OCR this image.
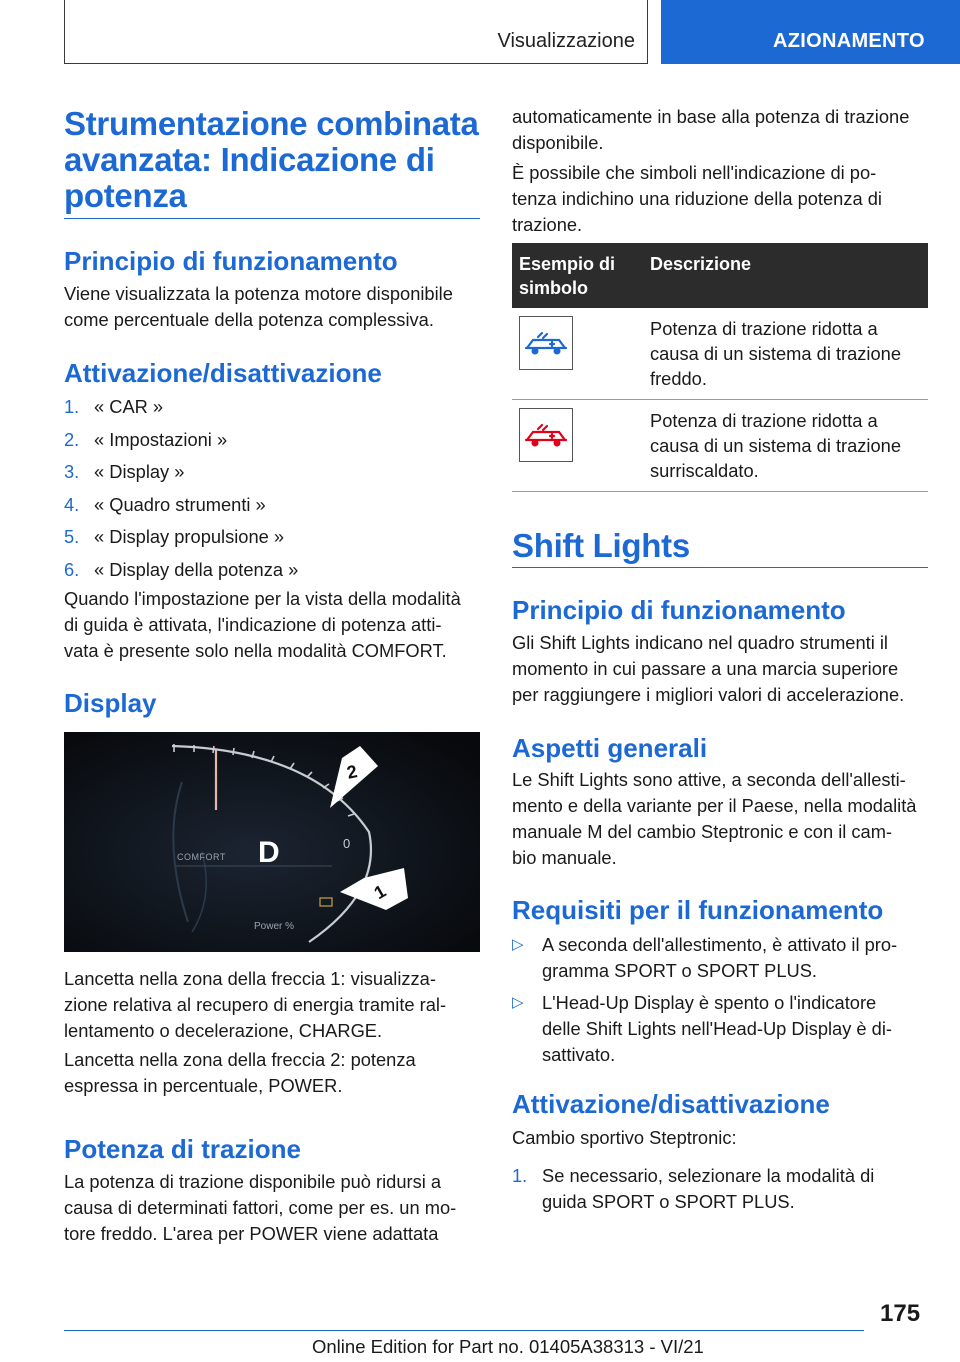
Visualizzazione	AZIONAMENTO
Strumentazione combinata
avanzata: Indicazione di
potenza
Principio di funzionamento

Viene visualizzata la potenza motore disponibile
come percentuale della potenza complessiva.

Attivazione/disattivazione
1. « CAR »
2. « Impostazioni »
3. « Display »
4. « Quadro strumenti »
5. « Display propulsione »
6. « Display della potenza »

Quando l'impostazione per la vista della modalità
di guida è attivata, l'indicazione di potenza atti-
vata è presente solo nella modalità COMFORT.

Display
COMFORT D	0
Power %
2
1

Lancetta nella zona della freccia 1: visualizza-
zione relativa al recupero di energia tramite ral-
lentamento o decelerazione, CHARGE.

Lancetta nella zona della freccia 2: potenza
espressa in percentuale, POWER.

Potenza di trazione

La potenza di trazione disponibile può ridursi a
causa di determinati fattori, come per es. un mo-
tore freddo. L'area per POWER viene adattata

automaticamente in base alla potenza di trazione
disponibile.

È possibile che simboli nell'indicazione di po-
tenza indichino una riduzione della potenza di
trazione.

Esempio di simbolo	Descrizione

	Potenza di trazione ridotta a causa di un sistema di trazione freddo.

	Potenza di trazione ridotta a causa di un sistema di trazione surriscaldato.
Shift Lights
Principio di funzionamento

Gli Shift Lights indicano nel quadro strumenti il
momento in cui passare a una marcia superiore
per raggiungere i migliori valori di accelerazione.

Aspetti generali

Le Shift Lights sono attive, a seconda dell'allesti-
mento e della variante per il Paese, nella modalità
manuale M del cambio Steptronic e con il cam-
bio manuale.

Requisiti per il funzionamento
▷ A seconda dell'allestimento, è attivato il pro-
gramma SPORT o SPORT PLUS.
▷ L'Head-Up Display è spento o l'indicatore
delle Shift Lights nell'Head-Up Display è di-
sattivato.
Attivazione/disattivazione

Cambio sportivo Steptronic:

1. Se necessario, selezionare la modalità di
guida SPORT o SPORT PLUS.
175
Online Edition for Part no. 01405A38313 - VI/21
